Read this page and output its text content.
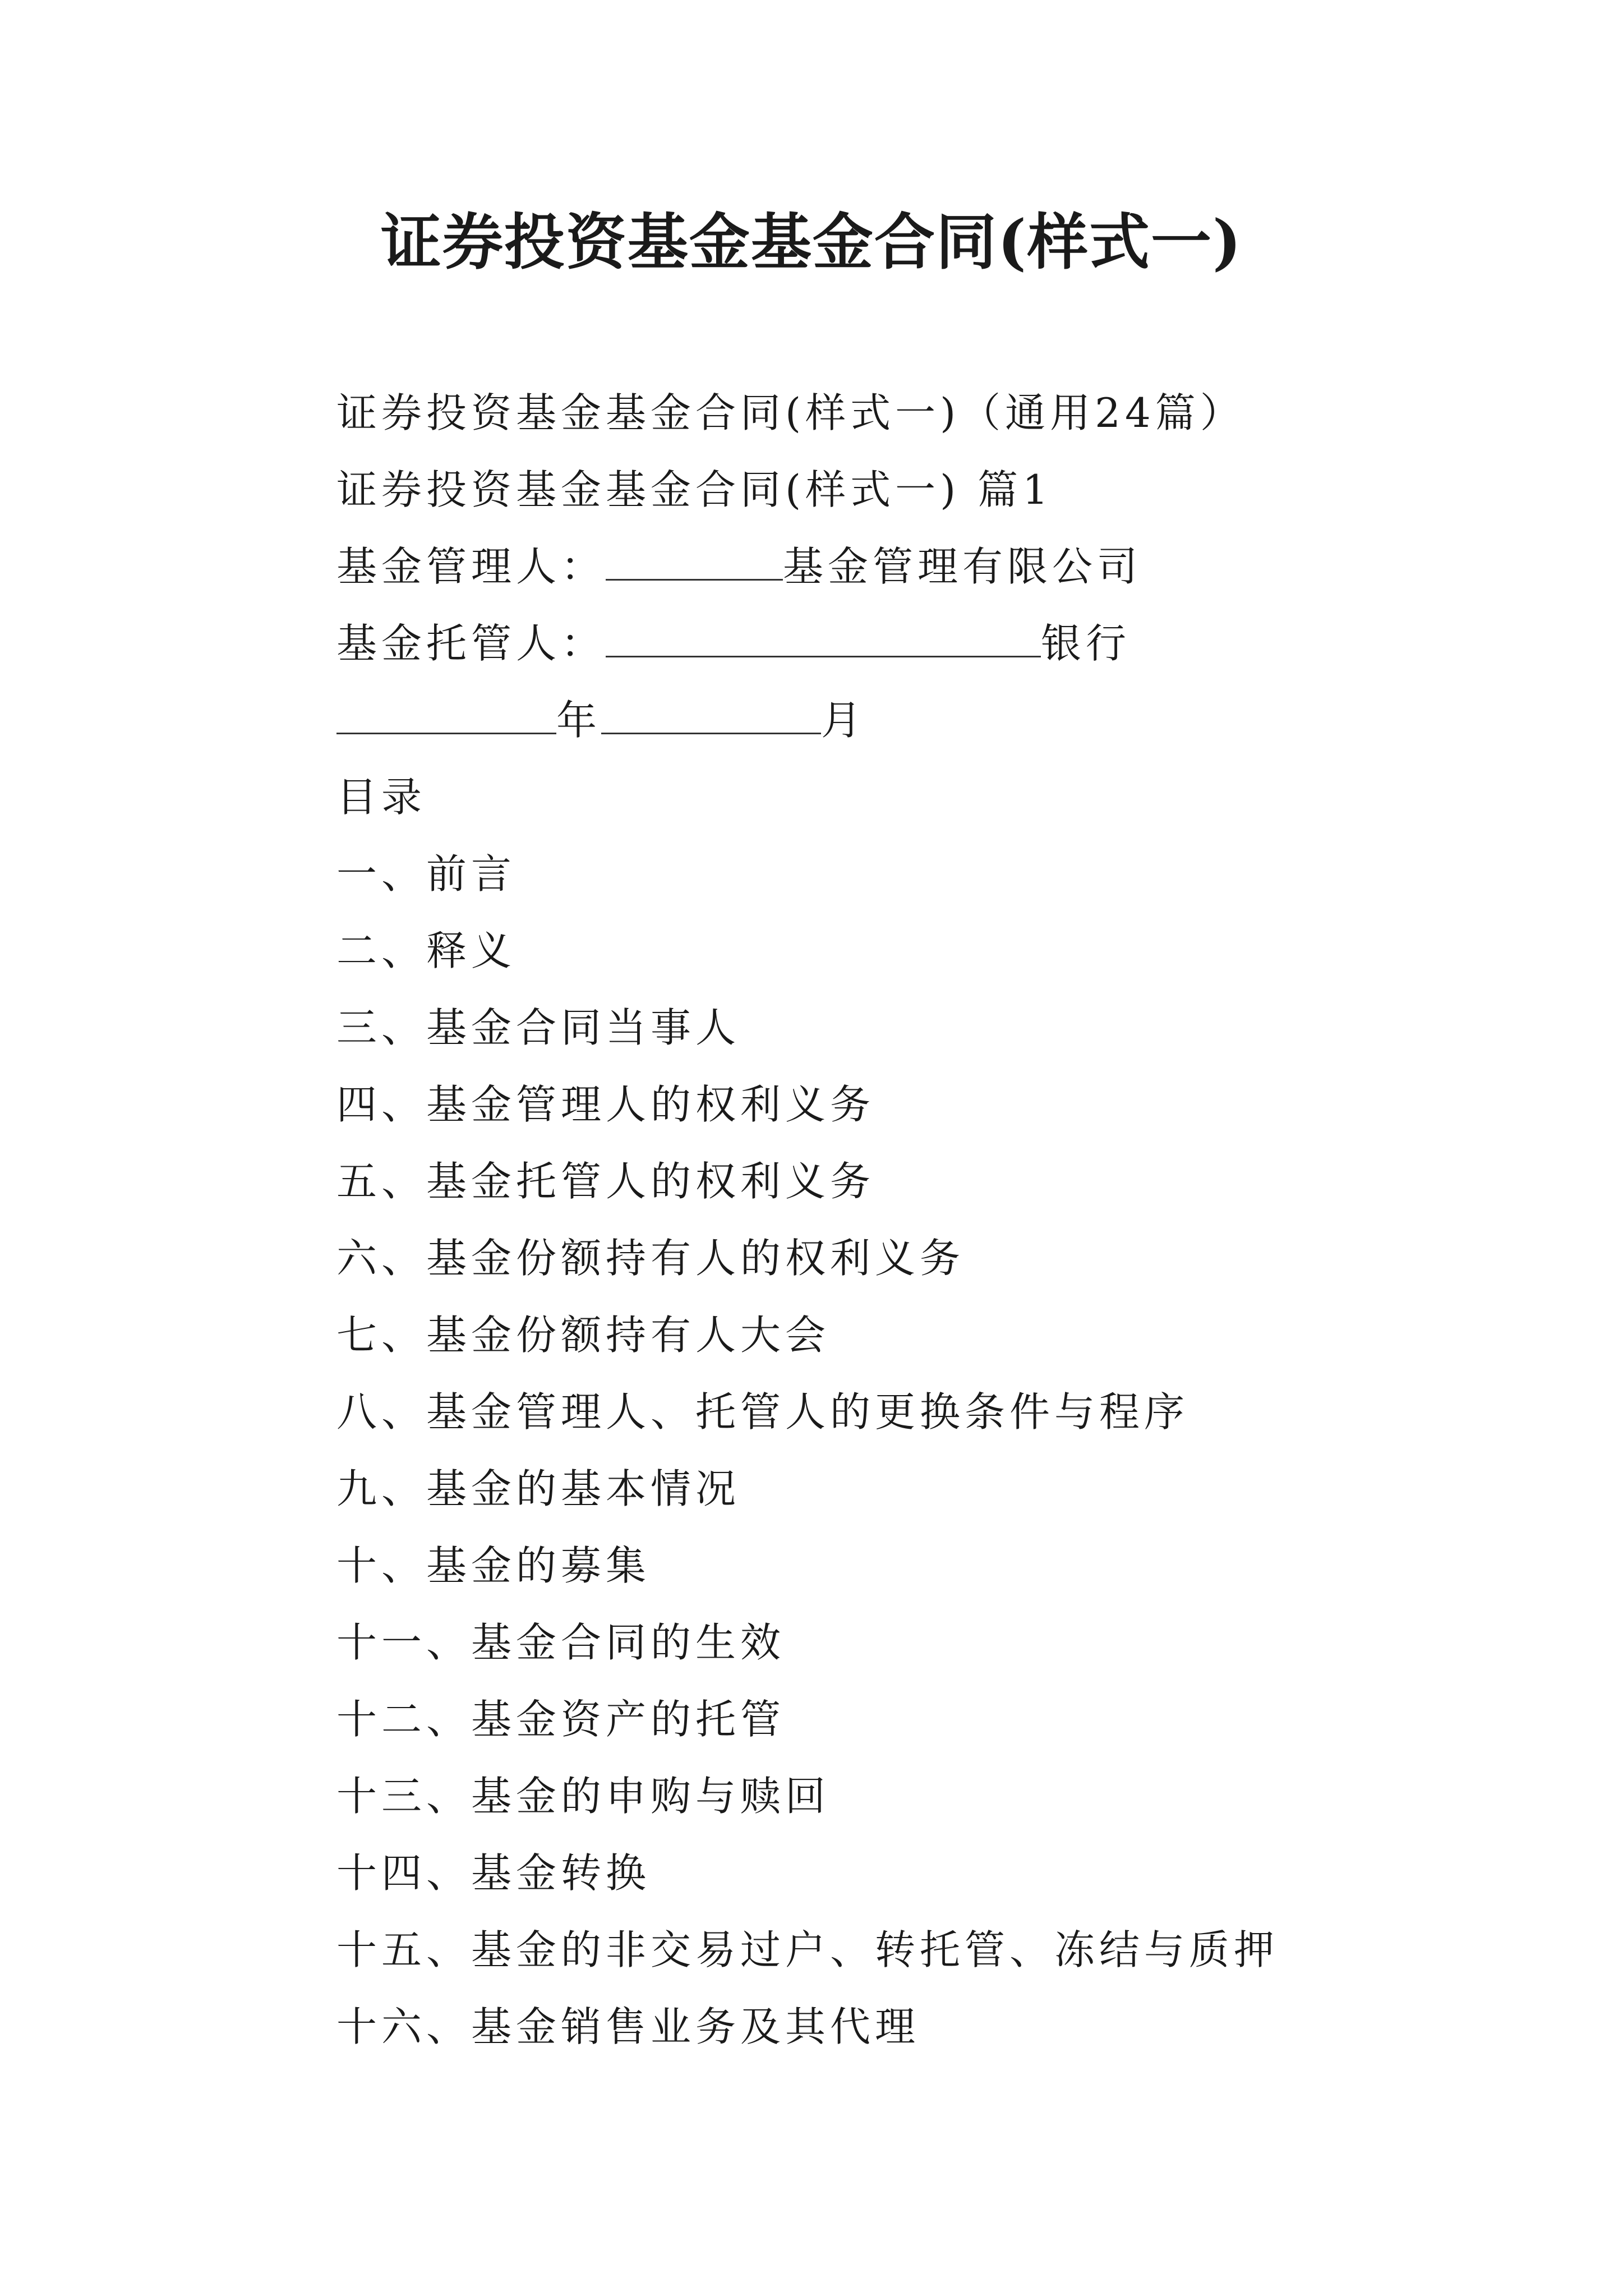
证券投资基金基金合同(样式一)
证券投资基金基金合同(样式一)（通用24篇）
证券投资基金基金合同(样式一) 篇1
基金管理人：	基金管理有限公司
基金托管人：	银行
年	月
目录
一、前言
二、释义
三、基金合同当事人
四、基金管理人的权利义务
五、基金托管人的权利义务
六、基金份额持有人的权利义务
七、基金份额持有人大会
八、基金管理人、托管人的更换条件与程序
九、基金的基本情况
十、基金的募集
十一、基金合同的生效
十二、基金资产的托管
十三、基金的申购与赎回
十四、基金转换
十五、基金的非交易过户、转托管、冻结与质押
十六、基金销售业务及其代理
